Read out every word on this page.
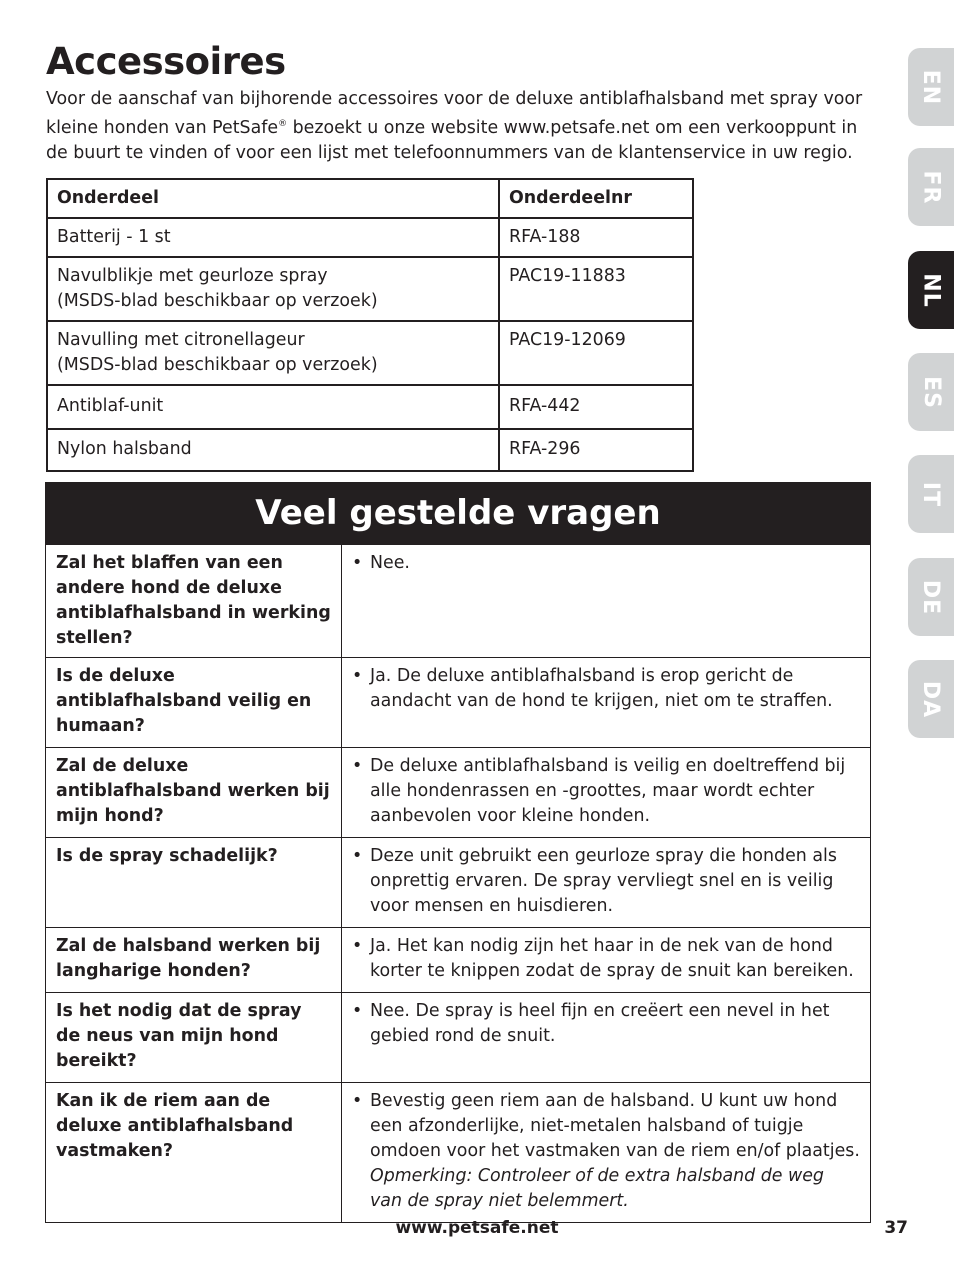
Accessoires

Voor de aanschaf van bijhorende accessoires voor de deluxe antiblafhalsband met spray voor kleine honden van PetSafe® bezoekt u onze website www.petsafe.net om een verkooppunt in de buurt te vinden of voor een lijst met telefoonnummers van de klantenservice in uw regio.

Onderdeel	Onderdeelnr
Batterij - 1 st	RFA-188
Navulblikje met geurloze spray
(MSDS-blad beschikbaar op verzoek)	PAC19-11883
Navulling met citronellageur
(MSDS-blad beschikbaar op verzoek)	PAC19-12069
Antiblaf-unit	RFA-442
Nylon halsband	RFA-296
Veel gestelde vragen
Zal het blaffen van een andere hond de deluxe antiblafhalsband in werking stellen?	• Nee.

Is de deluxe antiblafhalsband veilig en humaan?	• Ja. De deluxe antiblafhalsband is erop gericht de aandacht van de hond te krijgen, niet om te straffen.

Zal de deluxe antiblafhalsband werken bij mijn hond?	• De deluxe antiblafhalsband is veilig en doeltreffend bij alle hondenrassen en -groottes, maar wordt echter aanbevolen voor kleine honden.

Is de spray schadelijk?	• Deze unit gebruikt een geurloze spray die honden als onprettig ervaren. De spray vervliegt snel en is veilig voor mensen en huisdieren.

Zal de halsband werken bij langharige honden?	• Ja. Het kan nodig zijn het haar in de nek van de hond korter te knippen zodat de spray de snuit kan bereiken.

Is het nodig dat de spray de neus van mijn hond bereikt?	• Nee. De spray is heel fijn en creëert een nevel in het gebied rond de snuit.

Kan ik de riem aan de deluxe antiblafhalsband vastmaken?	• Bevestig geen riem aan de halsband. U kunt uw hond een afzonderlijke, niet-metalen halsband of tuigje omdoen voor het vastmaken van de riem en/of plaatjes. Opmerking: Controleer of de extra halsband de weg van de spray niet belemmert.
EN
FR
NL
ES
IT
DE
DA
www.petsafe.net	37
